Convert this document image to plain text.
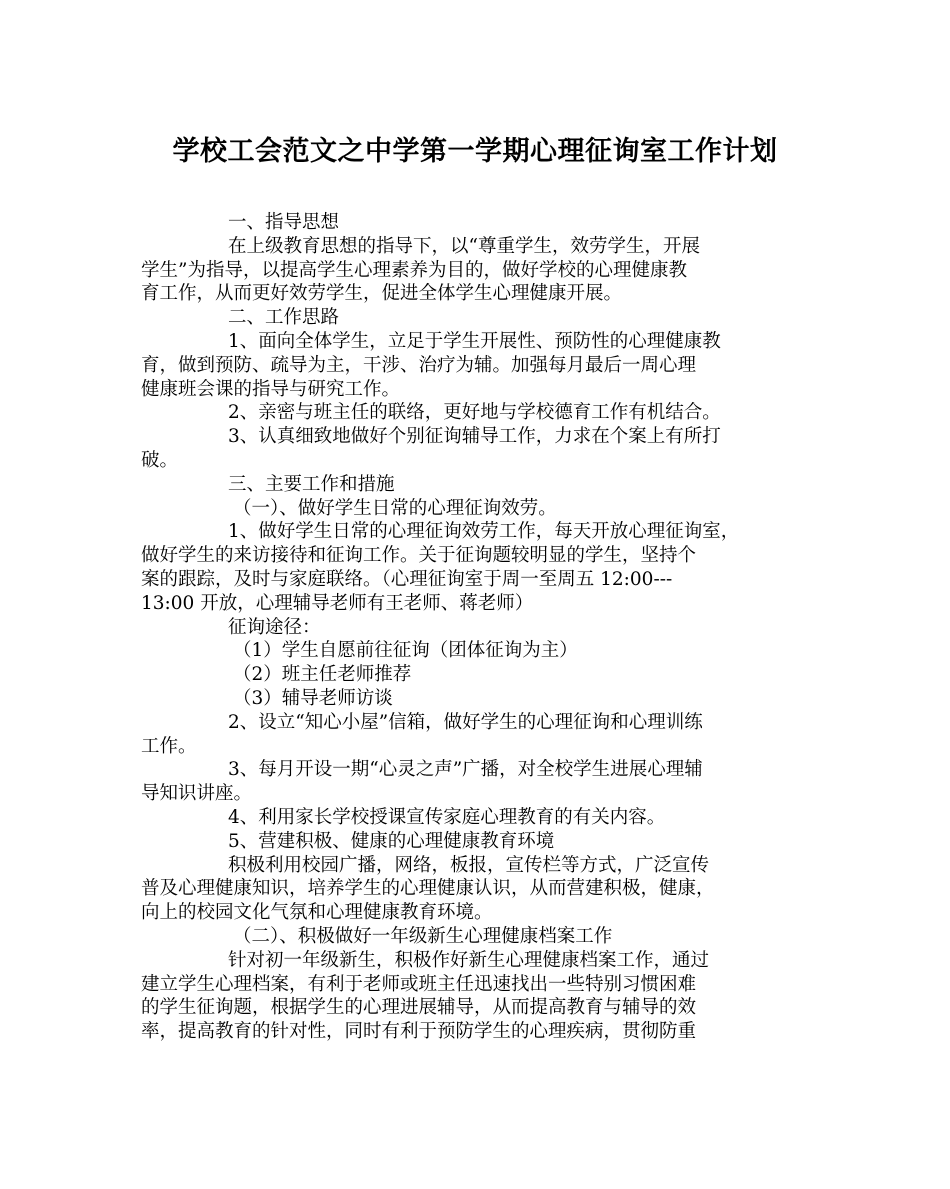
学校工会范文之中学第一学期心理征询室工作计划
一、指导思想
在上级教育思想的指导下，以“尊重学生，效劳学生，开展
学生”为指导，以提高学生心理素养为目的，做好学校的心理健康教
育工作，从而更好效劳学生，促进全体学生心理健康开展。
二、工作思路
1、面向全体学生，立足于学生开展性、预防性的心理健康教
育，做到预防、疏导为主，干涉、治疗为辅。加强每月最后一周心理
健康班会课的指导与研究工作。
2、亲密与班主任的联络，更好地与学校德育工作有机结合。
3、认真细致地做好个别征询辅导工作，力求在个案上有所打
破。
三、主要工作和措施
（一）、做好学生日常的心理征询效劳。
1、做好学生日常的心理征询效劳工作，每天开放心理征询室，
做好学生的来访接待和征询工作。关于征询题较明显的学生，坚持个
案的跟踪，及时与家庭联络。（心理征询室于周一至周五 12:00---
13:00 开放，心理辅导老师有王老师、蒋老师）
征询途径：
（1）学生自愿前往征询（团体征询为主）
（2）班主任老师推荐
（3）辅导老师访谈
2、设立“知心小屋”信箱，做好学生的心理征询和心理训练
工作。
3、每月开设一期“心灵之声”广播，对全校学生进展心理辅
导知识讲座。
4、利用家长学校授课宣传家庭心理教育的有关内容。
5、营建积极、健康的心理健康教育环境
积极利用校园广播，网络，板报，宣传栏等方式，广泛宣传
普及心理健康知识，培养学生的心理健康认识，从而营建积极，健康，
向上的校园文化气氛和心理健康教育环境。
（二）、积极做好一年级新生心理健康档案工作
针对初一年级新生，积极作好新生心理健康档案工作，通过
建立学生心理档案，有利于老师或班主任迅速找出一些特别习惯困难
的学生征询题，根据学生的心理进展辅导，从而提高教育与辅导的效
率，提高教育的针对性，同时有利于预防学生的心理疾病，贯彻防重
